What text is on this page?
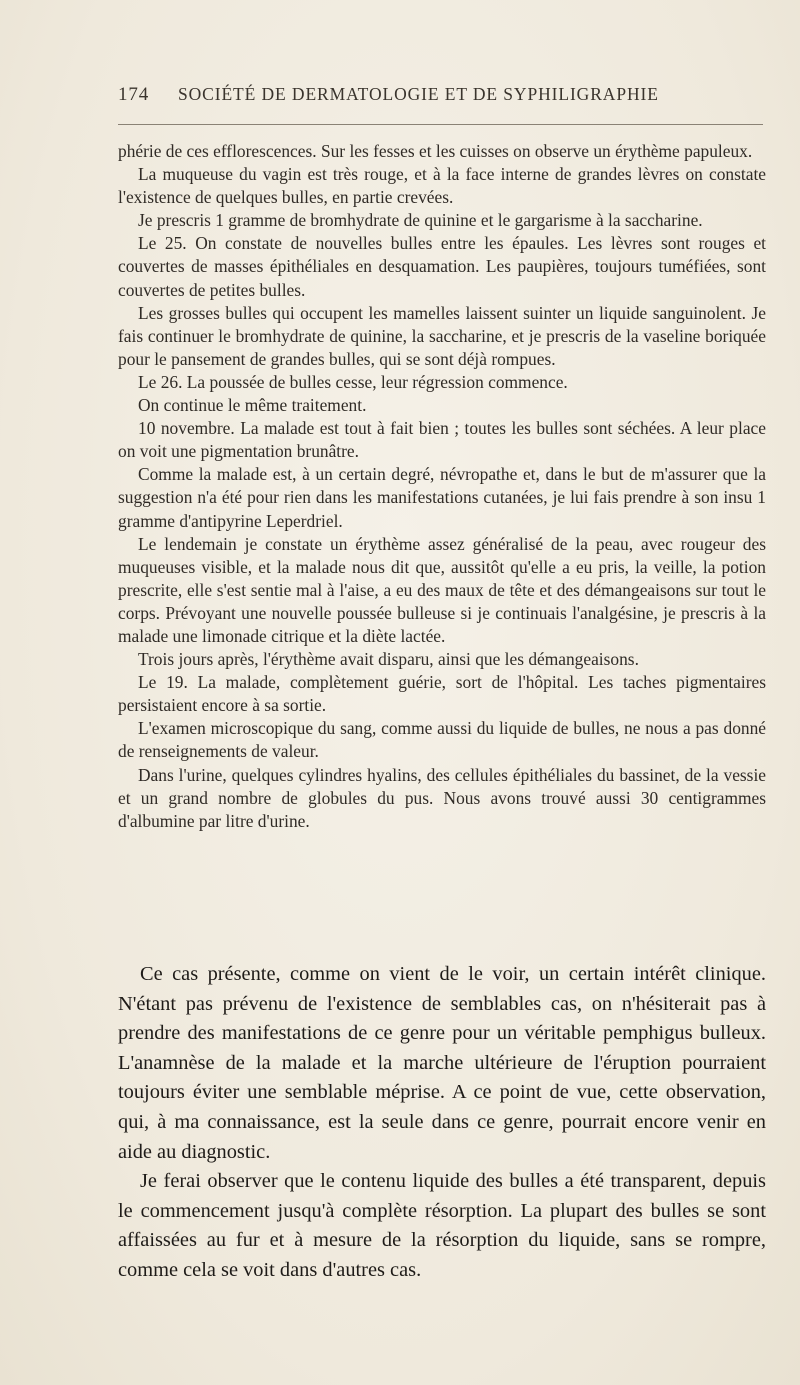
174 SOCIÉTÉ DE DERMATOLOGIE ET DE SYPHILIGRAPHIE

phérie de ces efflorescences. Sur les fesses et les cuisses on observe un érythème papuleux.

La muqueuse du vagin est très rouge, et à la face interne de grandes lèvres on constate l'existence de quelques bulles, en partie crevées.

Je prescris 1 gramme de bromhydrate de quinine et le gargarisme à la saccharine.

Le 25. On constate de nouvelles bulles entre les épaules. Les lèvres sont rouges et couvertes de masses épithéliales en desquamation. Les paupières, toujours tuméfiées, sont couvertes de petites bulles.

Les grosses bulles qui occupent les mamelles laissent suinter un liquide sanguinolent. Je fais continuer le bromhydrate de quinine, la saccharine, et je prescris de la vaseline boriquée pour le pansement de grandes bulles, qui se sont déjà rompues.

Le 26. La poussée de bulles cesse, leur régression commence.

On continue le même traitement.

10 novembre. La malade est tout à fait bien ; toutes les bulles sont séchées. A leur place on voit une pigmentation brunâtre.

Comme la malade est, à un certain degré, névropathe et, dans le but de m'assurer que la suggestion n'a été pour rien dans les manifestations cutanées, je lui fais prendre à son insu 1 gramme d'antipyrine Leperdriel.

Le lendemain je constate un érythème assez généralisé de la peau, avec rougeur des muqueuses visible, et la malade nous dit que, aussitôt qu'elle a eu pris, la veille, la potion prescrite, elle s'est sentie mal à l'aise, a eu des maux de tête et des démangeaisons sur tout le corps. Prévoyant une nouvelle poussée bulleuse si je continuais l'analgésine, je prescris à la malade une limonade citrique et la diète lactée.

Trois jours après, l'érythème avait disparu, ainsi que les démangeaisons.

Le 19. La malade, complètement guérie, sort de l'hôpital. Les taches pigmentaires persistaient encore à sa sortie.

L'examen microscopique du sang, comme aussi du liquide de bulles, ne nous a pas donné de renseignements de valeur.

Dans l'urine, quelques cylindres hyalins, des cellules épithéliales du bassinet, de la vessie et un grand nombre de globules du pus. Nous avons trouvé aussi 30 centigrammes d'albumine par litre d'urine.

Ce cas présente, comme on vient de le voir, un certain intérêt clinique. N'étant pas prévenu de l'existence de semblables cas, on n'hésiterait pas à prendre des manifestations de ce genre pour un véritable pemphigus bulleux. L'anamnèse de la malade et la marche ultérieure de l'éruption pourraient toujours éviter une semblable méprise. A ce point de vue, cette observation, qui, à ma connaissance, est la seule dans ce genre, pourrait encore venir en aide au diagnostic.

Je ferai observer que le contenu liquide des bulles a été transparent, depuis le commencement jusqu'à complète résorption. La plupart des bulles se sont affaissées au fur et à mesure de la résorption du liquide, sans se rompre, comme cela se voit dans d'autres cas.
